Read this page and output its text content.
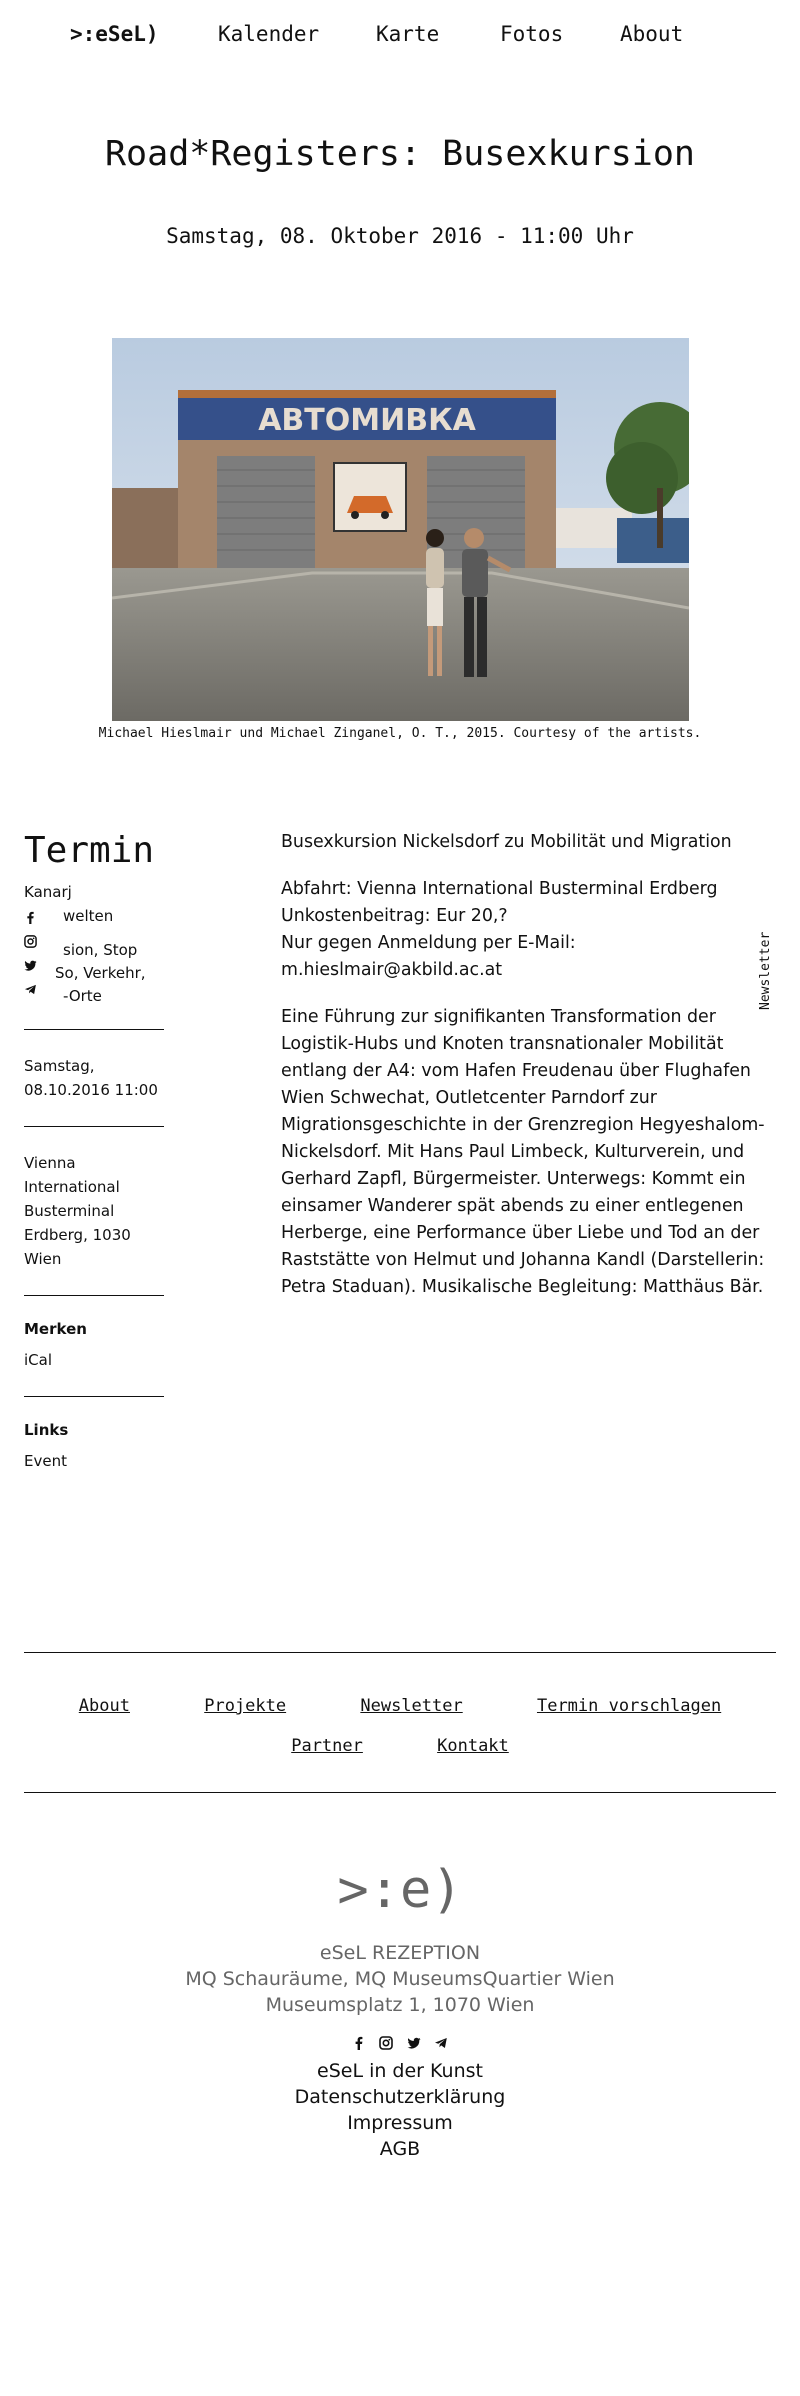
>:eSeL)	Kalender	Karte	Fotos	About
Road*Registers: Busexkursion
Samstag, 08. Oktober 2016 - 11:00 Uhr
АВТОМИВКА
Michael Hieslmair und Michael Zinganel, O. T., 2015. Courtesy of the artists.
Termin
Kanarj
welten
sion, Stop
So, Verkehr,
-Orte
Samstag,
08.10.2016 11:00
Vienna
International
Busterminal
Erdberg, 1030
Wien
Merken
iCal
Links
Event

Busexkursion Nickelsdorf zu Mobilität und Migration

Abfahrt: Vienna International Busterminal Erdberg
Unkostenbeitrag: Eur 20,?
Nur gegen Anmeldung per E-Mail:
m.hieslmair@akbild.ac.at

Eine Führung zur signifikanten Transformation der Logistik-Hubs und Knoten transnationaler Mobilität entlang der A4: vom Hafen Freudenau über Flughafen Wien Schwechat, Outletcenter Parndorf zur Migrationsgeschichte in der Grenzregion Hegyeshalom-Nickelsdorf. Mit Hans Paul Limbeck, Kulturverein, und Gerhard Zapfl, Bürgermeister. Unterwegs: Kommt ein einsamer Wanderer spät abends zu einer entlegenen Herberge, eine Performance über Liebe und Tod an der Raststätte von Helmut und Johanna Kandl (Darstellerin: Petra Staduan). Musikalische Begleitung: Matthäus Bär.

Newsletter
About	Projekte	Newsletter	Termin vorschlagen
Partner	Kontakt
>:e)
eSeL REZEPTION
MQ Schauräume, MQ MuseumsQuartier Wien
Museumsplatz 1, 1070 Wien

eSeL in der Kunst
Datenschutzerklärung
Impressum
AGB
